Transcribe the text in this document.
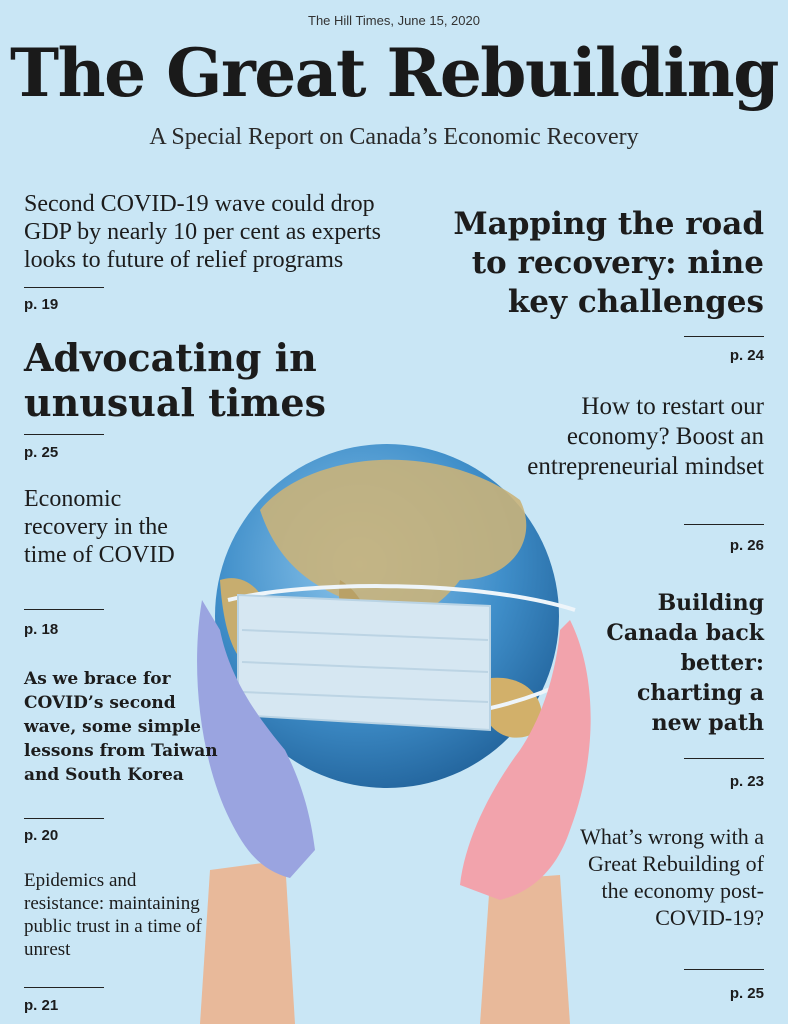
The Hill Times, June 15, 2020
The Great Rebuilding
A Special Report on Canada’s Economic Recovery
Second COVID-19 wave could drop GDP by nearly 10 per cent as experts looks to future of relief programs
p. 19
Advocating in unusual times
p. 25
Economic recovery in the time of COVID
p. 18
As we brace for COVID’s second wave, some simple lessons from Taiwan and South Korea
p. 20
Epidemics and resistance: maintaining public trust in a time of unrest
p. 21
Mapping the road to recovery: nine key challenges
p. 24
How to restart our economy? Boost an entrepreneurial mindset
p. 26
Building Canada back better: charting a new path
p. 23
What’s wrong with a Great Rebuilding of the economy post-COVID-19?
p. 25
